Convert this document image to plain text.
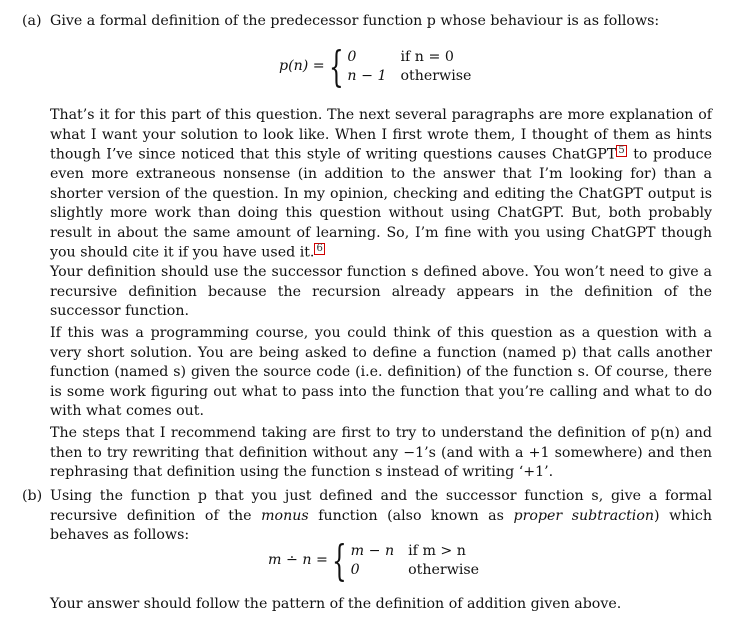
(a) Give a formal definition of the predecessor function p whose behaviour is as follows:

p(n) = { 0	if n = 0
n − 1 otherwise

That’s it for this part of this question. The next several paragraphs are more explanation of what I want your solution to look like. When I first wrote them, I thought of them as hints though I’ve since noticed that this style of writing questions causes ChatGPT 5 to produce even more extraneous nonsense (in addition to the answer that I’m looking for) than a shorter version of the question. In my opinion, checking and editing the ChatGPT output is slightly more work than doing this question without using ChatGPT. But, both probably result in about the same amount of learning. So, I’m fine with you using ChatGPT though you should cite it if you have used it. 6

Your definition should use the successor function s defined above. You won’t need to give a recursive definition because the recursion already appears in the definition of the successor function.

If this was a programming course, you could think of this question as a question with a very short solution. You are being asked to define a function (named p) that calls another function (named s) given the source code (i.e. definition) of the function s. Of course, there is some work figuring out what to pass into the function that you’re calling and what to do with what comes out.

The steps that I recommend taking are first to try to understand the definition of p(n) and then to try rewriting that definition without any −1’s (and with a +1 somewhere) and then rephrasing that definition using the function s instead of writing ‘+1’.

(b) Using the function p that you just defined and the successor function s, give a formal recursive definition of the monus function (also known as proper subtraction) which behaves as follows:

m ∸ n = { m − n if m > n
0	otherwise

Your answer should follow the pattern of the definition of addition given above.
